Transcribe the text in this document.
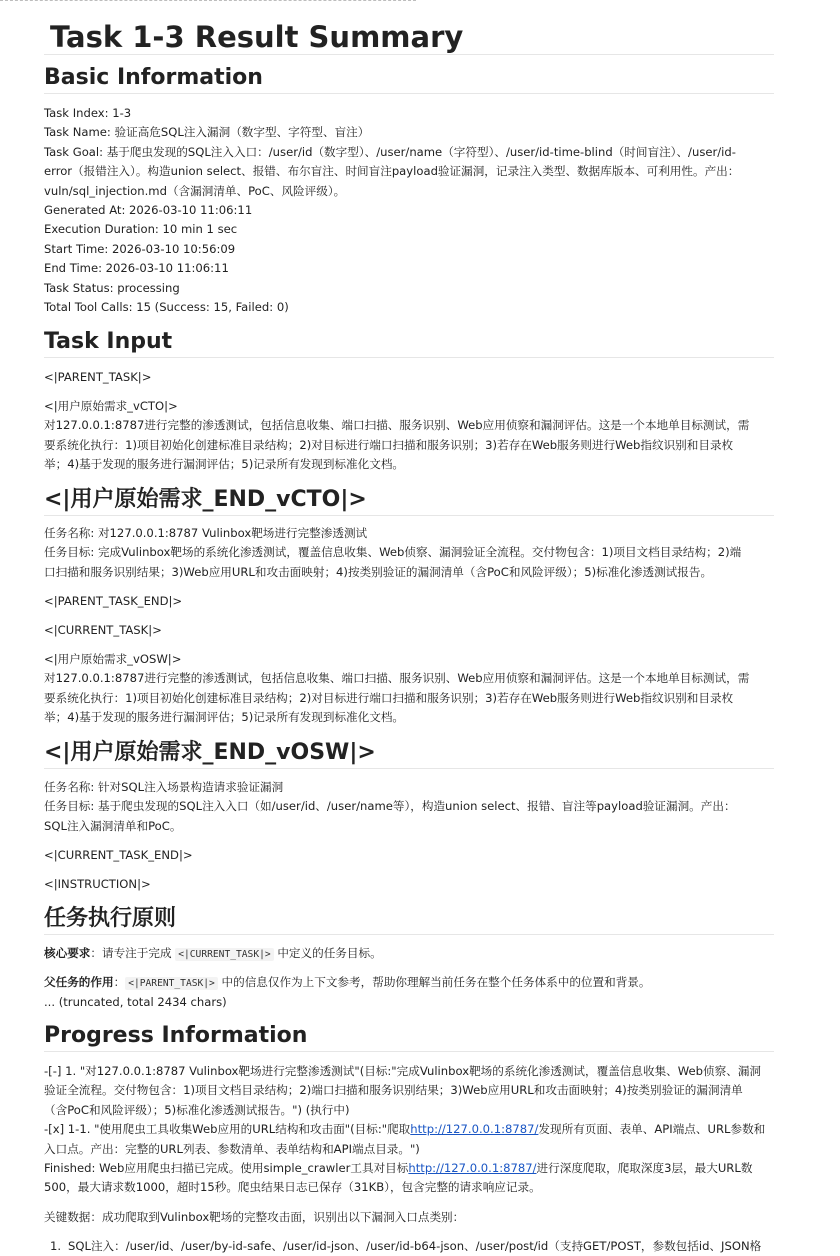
Task 1-3 Result Summary
Basic Information
Task Index: 1-3
Task Name: 验证高危SQL注入漏洞（数字型、字符型、盲注）
Task Goal: 基于爬虫发现的SQL注入入口：/user/id（数字型）、/user/name（字符型）、/user/id-time-blind（时间盲注）、/user/id-
error（报错注入）。构造union select、报错、布尔盲注、时间盲注payload验证漏洞，记录注入类型、数据库版本、可利用性。产出：
vuln/sql_injection.md（含漏洞清单、PoC、风险评级）。
Generated At: 2026-03-10 11:06:11
Execution Duration: 10 min 1 sec
Start Time: 2026-03-10 10:56:09
End Time: 2026-03-10 11:06:11
Task Status: processing
Total Tool Calls: 15 (Success: 15, Failed: 0)
Task Input
<|PARENT_TASK|>
<|用户原始需求_vCTO|>
对127.0.0.1:8787进行完整的渗透测试，包括信息收集、端口扫描、服务识别、Web应用侦察和漏洞评估。这是一个本地单目标测试，需
要系统化执行：1)项目初始化创建标准目录结构；2)对目标进行端口扫描和服务识别；3)若存在Web服务则进行Web指纹识别和目录枚
举；4)基于发现的服务进行漏洞评估；5)记录所有发现到标准化文档。
<|用户原始需求_END_vCTO|>
任务名称: 对127.0.0.1:8787 Vulinbox靶场进行完整渗透测试
任务目标: 完成Vulinbox靶场的系统化渗透测试，覆盖信息收集、Web侦察、漏洞验证全流程。交付物包含：1)项目文档目录结构；2)端
口扫描和服务识别结果；3)Web应用URL和攻击面映射；4)按类别验证的漏洞清单（含PoC和风险评级）；5)标准化渗透测试报告。
<|PARENT_TASK_END|>
<|CURRENT_TASK|>
<|用户原始需求_vOSW|>
对127.0.0.1:8787进行完整的渗透测试，包括信息收集、端口扫描、服务识别、Web应用侦察和漏洞评估。这是一个本地单目标测试，需
要系统化执行：1)项目初始化创建标准目录结构；2)对目标进行端口扫描和服务识别；3)若存在Web服务则进行Web指纹识别和目录枚
举；4)基于发现的服务进行漏洞评估；5)记录所有发现到标准化文档。
<|用户原始需求_END_vOSW|>
任务名称: 针对SQL注入场景构造请求验证漏洞
任务目标: 基于爬虫发现的SQL注入入口（如/user/id、/user/name等），构造union select、报错、盲注等payload验证漏洞。产出：
SQL注入漏洞清单和PoC。
<|CURRENT_TASK_END|>
<|INSTRUCTION|>
任务执行原则
核心要求：请专注于完成 <|CURRENT_TASK|> 中定义的任务目标。
父任务的作用： <|PARENT_TASK|> 中的信息仅作为上下文参考，帮助你理解当前任务在整个任务体系中的位置和背景。
... (truncated, total 2434 chars)
Progress Information
-[-] 1. "对127.0.0.1:8787 Vulinbox靶场进行完整渗透测试"(目标:"完成Vulinbox靶场的系统化渗透测试，覆盖信息收集、Web侦察、漏洞
验证全流程。交付物包含：1)项目文档目录结构；2)端口扫描和服务识别结果；3)Web应用URL和攻击面映射；4)按类别验证的漏洞清单
（含PoC和风险评级）；5)标准化渗透测试报告。") (执行中)
-[x] 1-1. "使用爬虫工具收集Web应用的URL结构和攻击面"(目标:"爬取http://127.0.0.1:8787/发现所有页面、表单、API端点、URL参数和
入口点。产出：完整的URL列表、参数清单、表单结构和API端点目录。")
Finished: Web应用爬虫扫描已完成。使用simple_crawler工具对目标http://127.0.0.1:8787/进行深度爬取，爬取深度3层，最大URL数
500，最大请求数1000，超时15秒。爬虫结果日志已保存（31KB），包含完整的请求响应记录。
关键数据：成功爬取到Vulinbox靶场的完整攻击面，识别出以下漏洞入口点类别：
1. SQL注入：/user/id、/user/by-id-safe、/user/id-json、/user/id-b64-json、/user/post/id（支持GET/POST，参数包括id、JSON格
